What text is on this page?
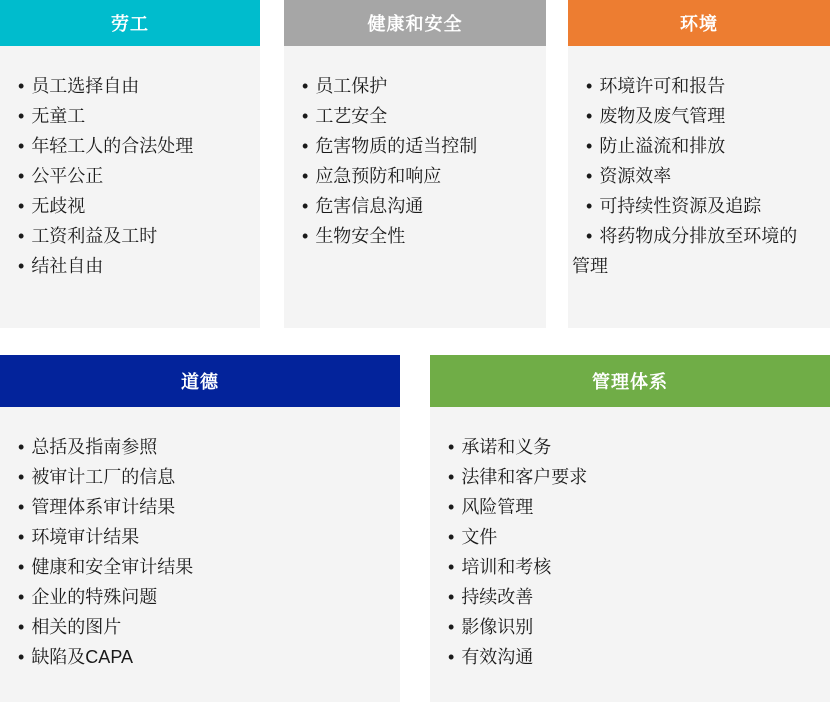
劳工
• 员工选择自由
• 无童工
• 年轻工人的合法处理
• 公平公正
• 无歧视
• 工资利益及工时
• 结社自由
健康和安全
• 员工保护
• 工艺安全
• 危害物质的适当控制
• 应急预防和响应
• 危害信息沟通
• 生物安全性
环境
• 环境许可和报告
• 废物及废气管理
• 防止溢流和排放
• 资源效率
• 可持续性资源及追踪
• 将药物成分排放至环境的管理
道德
• 总括及指南参照
• 被审计工厂的信息
• 管理体系审计结果
• 环境审计结果
• 健康和安全审计结果
• 企业的特殊问题
• 相关的图片
• 缺陷及CAPA
管理体系
• 承诺和义务
• 法律和客户要求
• 风险管理
• 文件
• 培训和考核
• 持续改善
• 影像识别
• 有效沟通
